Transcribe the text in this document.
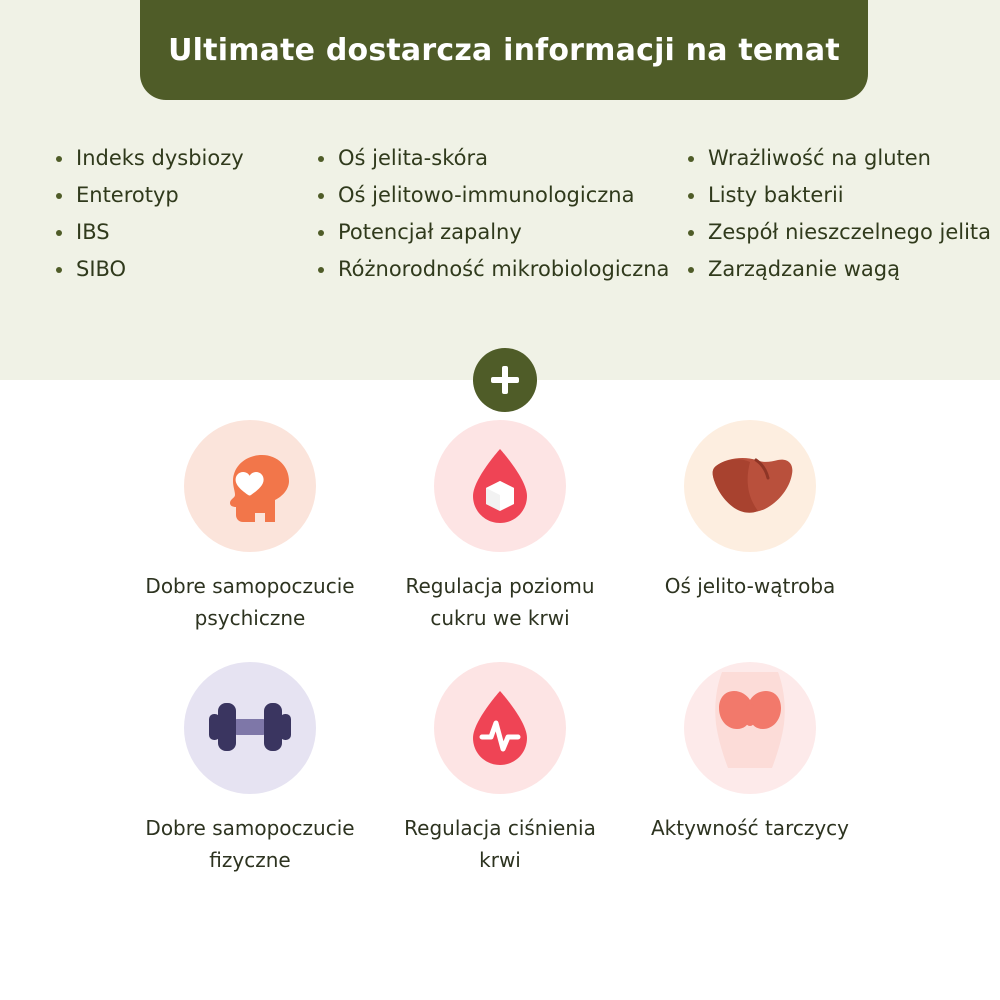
Ultimate dostarcza informacji na temat
Indeks dysbiozy
Enterotyp
IBS
SIBO
Oś jelita-skóra
Oś jelitowo-immunologiczna
Potencjał zapalny
Różnorodność mikrobiologiczna
Wrażliwość na gluten
Listy bakterii
Zespół nieszczelnego jelita
Zarządzanie wagą
Dobre samopoczucie psychiczne
Regulacja poziomu cukru we krwi
Oś jelito-wątroba
Dobre samopoczucie fizyczne
Regulacja ciśnienia krwi
Aktywność tarczycy
